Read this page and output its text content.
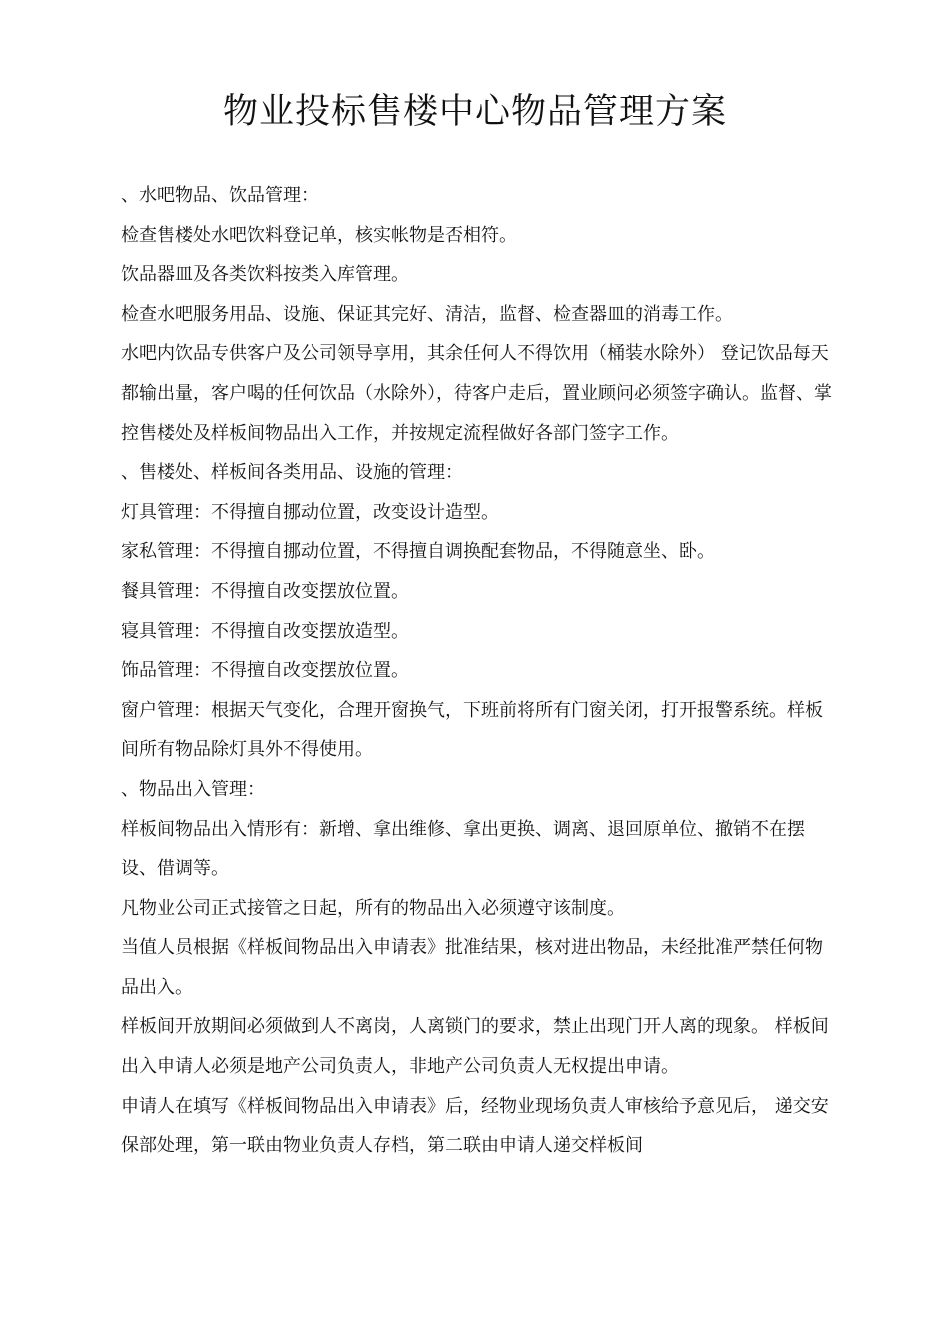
物业投标售楼中心物品管理方案

、水吧物品、饮品管理：

检查售楼处水吧饮料登记单，核实帐物是否相符。

饮品器皿及各类饮料按类入库管理。

检查水吧服务用品、设施、保证其完好、清洁，监督、检查器皿的消毒工作。

水吧内饮品专供客户及公司领导享用，其余任何人不得饮用（桶装水除外） 登记饮品每天都输出量，客户喝的任何饮品（水除外），待客户走后，置业顾问必须签字确认。监督、掌控售楼处及样板间物品出入工作，并按规定流程做好各部门签字工作。

、售楼处、样板间各类用品、设施的管理：

灯具管理：不得擅自挪动位置，改变设计造型。

家私管理：不得擅自挪动位置，不得擅自调换配套物品，不得随意坐、卧。

餐具管理：不得擅自改变摆放位置。

寝具管理：不得擅自改变摆放造型。

饰品管理：不得擅自改变摆放位置。

窗户管理：根据天气变化，合理开窗换气，下班前将所有门窗关闭，打开报警系统。样板间所有物品除灯具外不得使用。

、物品出入管理：

样板间物品出入情形有：新增、拿出维修、拿出更换、调离、退回原单位、撤销不在摆设、借调等。

凡物业公司正式接管之日起，所有的物品出入必须遵守该制度。

当值人员根据《样板间物品出入申请表》批准结果，核对进出物品，未经批准严禁任何物品出入。

样板间开放期间必须做到人不离岗，人离锁门的要求，禁止出现门开人离的现象。 样板间出入申请人必须是地产公司负责人，非地产公司负责人无权提出申请。

申请人在填写《样板间物品出入申请表》后，经物业现场负责人审核给予意见后， 递交安保部处理，第一联由物业负责人存档，第二联由申请人递交样板间
